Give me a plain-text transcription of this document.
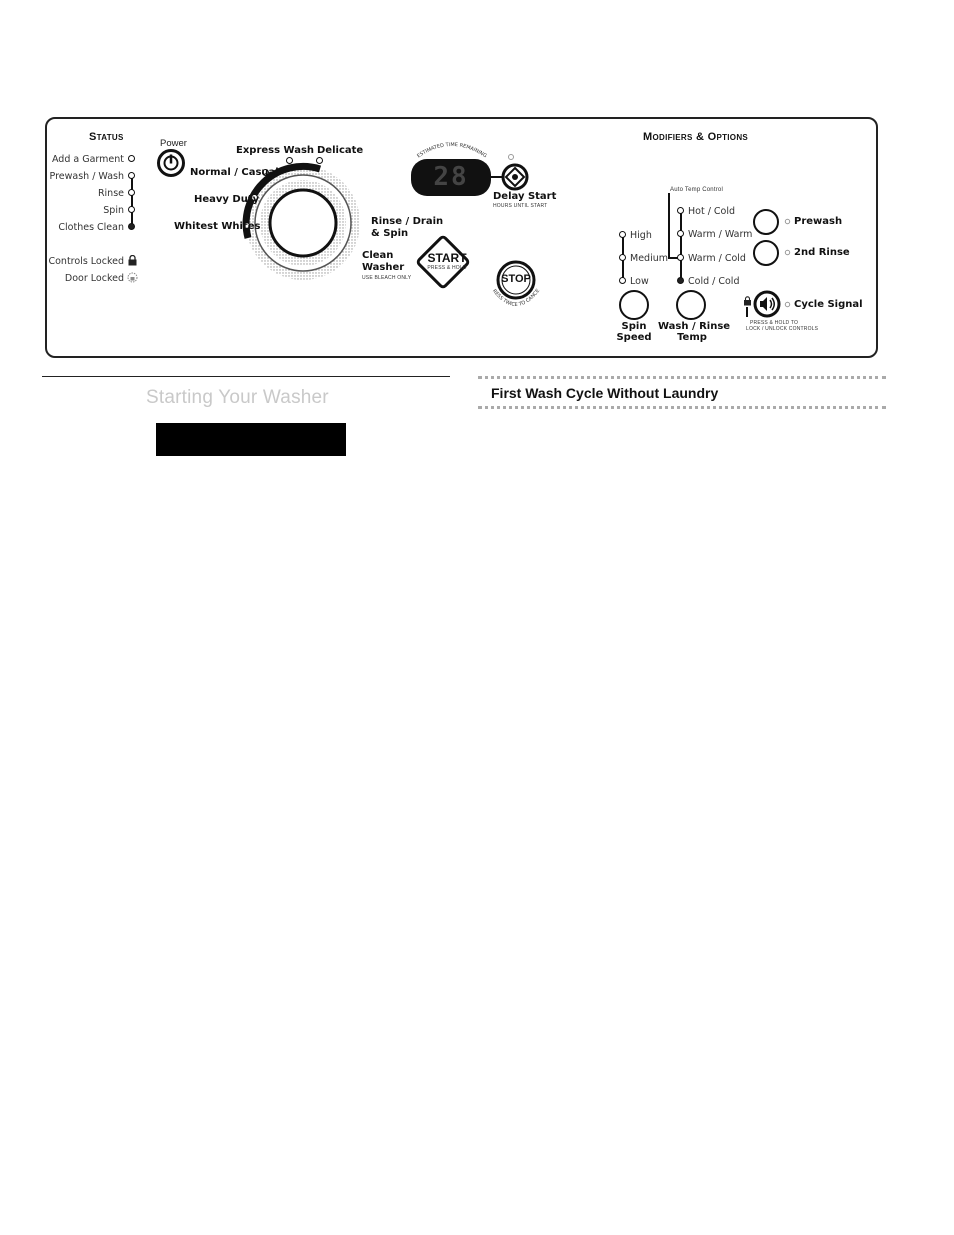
Status
Add a Garment
Prewash / Wash
Rinse
Spin
Clothes Clean
Controls Locked
Door Locked
Power
Express Wash Delicate
Normal / Casual
Heavy Duty
Whitest Whites	Rinse / Drain
& Spin
Clean
Washer
USE BLEACH ONLY
ESTIMATED TIME REMAINING
28
Delay Start
HOURS UNTIL START
START
PRESS & HOLD
STOP
RESS TWICE TO CANCE
Modifiers & Options
Auto Temp Control
High
Medium
Low
Hot / Cold
Warm / Warm
Warm / Cold
Cold / Cold
Spin
Speed
Wash / Rinse
Temp
Prewash
2nd Rinse
Cycle Signal
PRESS & HOLD TO
LOCK / UNLOCK CONTROLS
Starting Your Washer	First Wash Cycle Without Laundry
